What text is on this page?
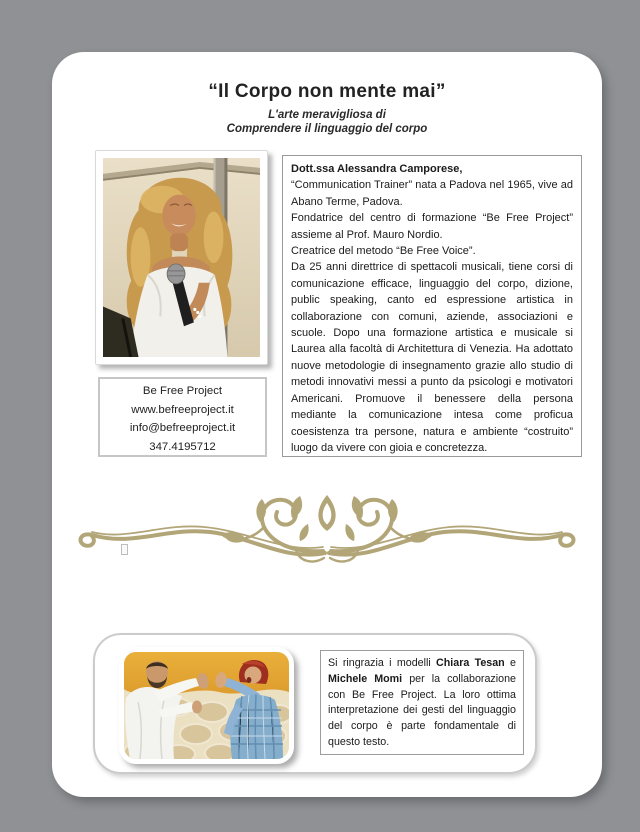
“Il Corpo non mente mai”
L'arte meravigliosa di
Comprendere il linguaggio del corpo

Dott.ssa Alessandra Camporese,

“Communication Trainer” nata a Padova nel 1965, vive ad Abano Terme, Padova.

Fondatrice del centro di formazione “Be Free Project” assieme al Prof. Mauro Nordio.

Creatrice del metodo “Be Free Voice”.

Da 25 anni direttrice di spettacoli musicali, tiene corsi di comunicazione efficace, linguaggio del corpo, dizione, public speaking, canto ed espressione artistica in collaborazione con comuni, aziende, associazioni e scuole. Dopo una formazione artistica e musicale si Laurea alla facoltà di Architettura di Venezia. Ha adottato nuove metodologie di insegnamento grazie allo studio di metodi innovativi messi a punto da psicologi e motivatori Americani. Promuove il benessere della persona mediante la comunicazione intesa come proficua coesistenza tra persone, natura e ambiente “costruito” luogo da vivere con gioia e concretezza.

Be Free Project
www.befreeproject.it
info@befreeproject.it
347.4195712
Si ringrazia i modelli Chiara Tesan e Michele Momi per la collaborazione con Be Free Project. La loro ottima interpretazione dei gesti del linguaggio del corpo è parte fondamentale di questo testo.
